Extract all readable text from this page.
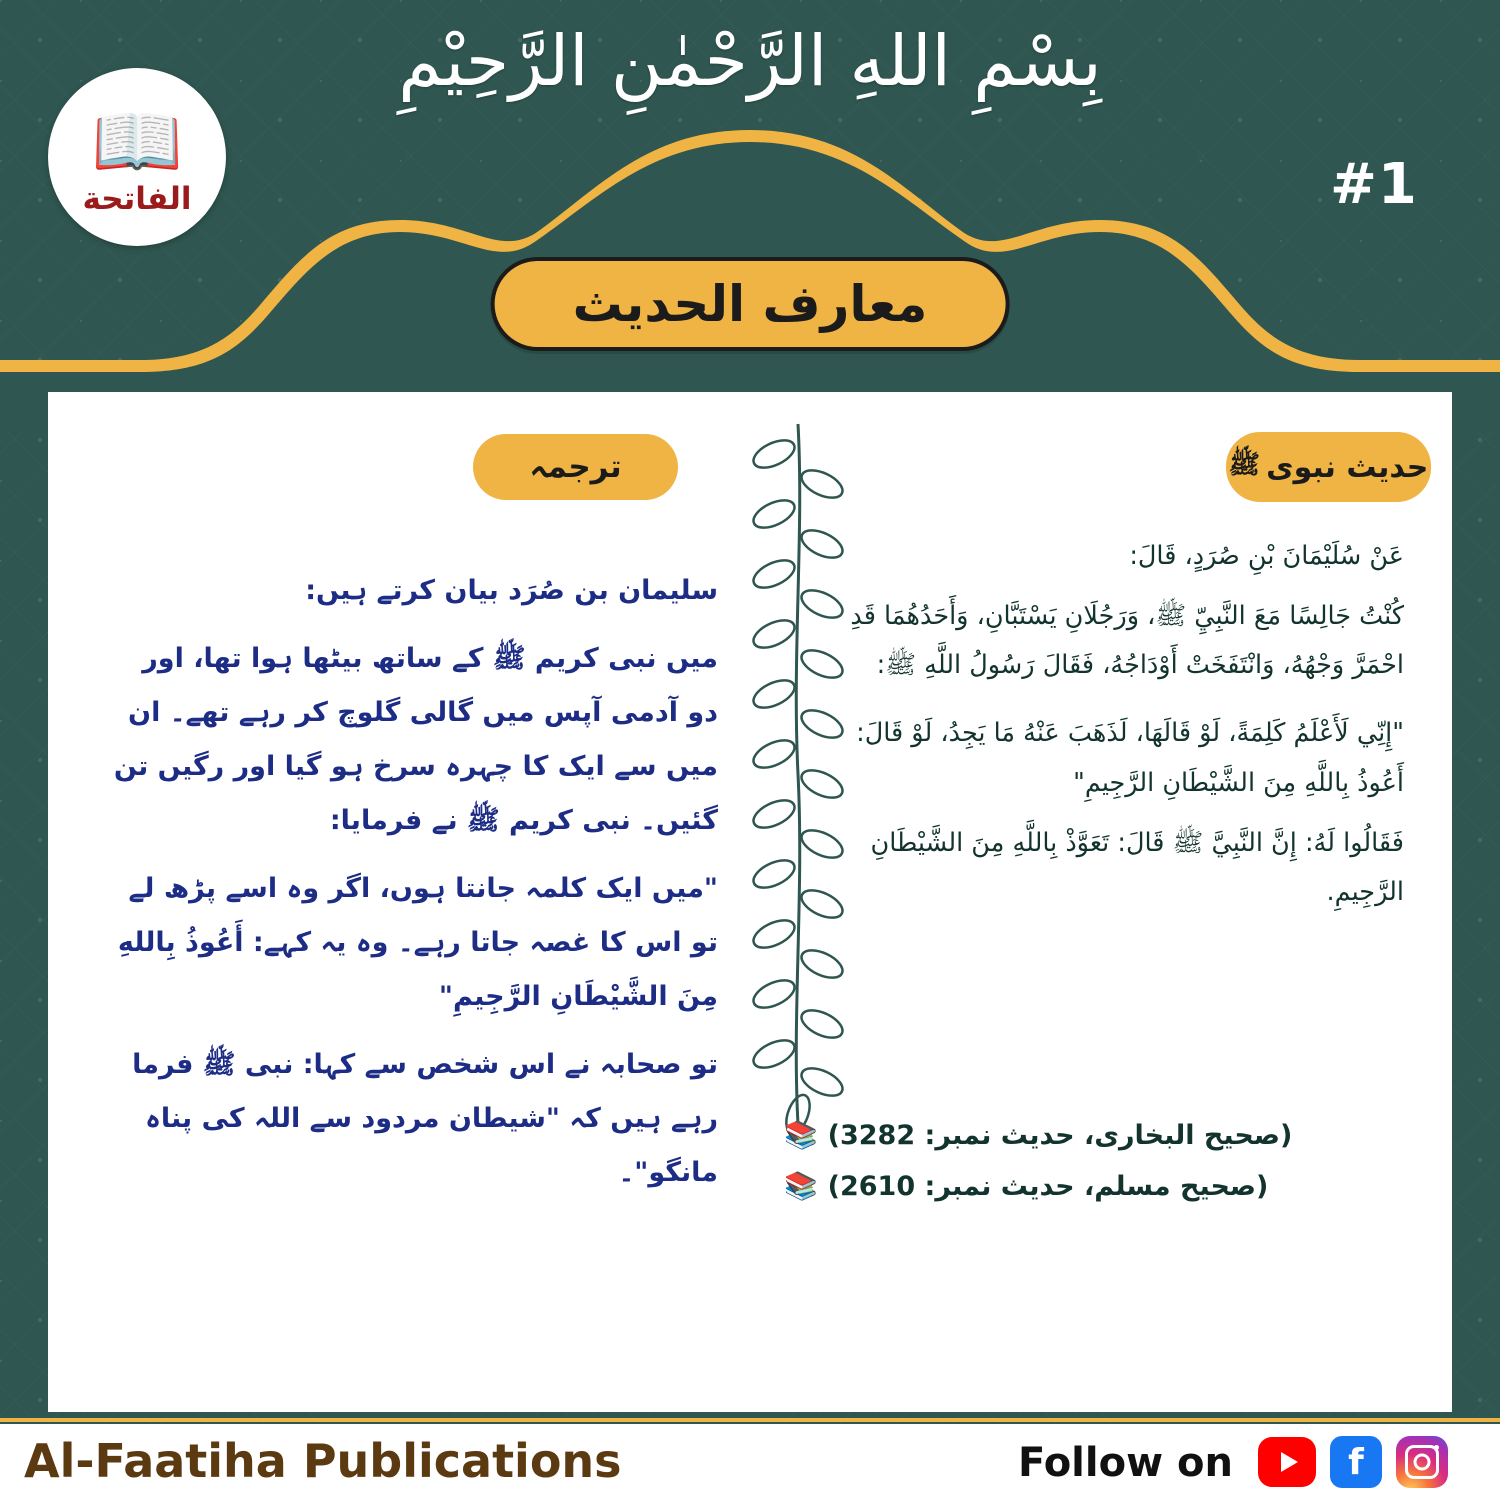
بِسْمِ اللهِ الرَّحْمٰنِ الرَّحِيْمِ
📖
الفاتحة	#1
معارف الحديث
ترجمہ	حدیث نبوی
ﷺ

عَنْ سُلَيْمَانَ بْنِ صُرَدٍ، قَالَ:

كُنْتُ جَالِسًا مَعَ النَّبِيِّ ﷺ، وَرَجُلَانِ يَسْتَبَّانِ، وَأَحَدُهُمَا قَدِ احْمَرَّ وَجْهُهُ، وَانْتَفَخَتْ أَوْدَاجُهُ، فَقَالَ رَسُولُ اللَّهِ ﷺ:

"إِنِّي لَأَعْلَمُ كَلِمَةً، لَوْ قَالَهَا، لَذَهَبَ عَنْهُ مَا يَجِدُ، لَوْ قَالَ: أَعُوذُ بِاللَّهِ مِنَ الشَّيْطَانِ الرَّجِيمِ"

فَقَالُوا لَهُ: إِنَّ النَّبِيَّ ﷺ قَالَ: تَعَوَّذْ بِاللَّهِ مِنَ الشَّيْطَانِ الرَّجِيمِ.

سلیمان بن صُرَد بیان کرتے ہیں:

میں نبی کریم ﷺ کے ساتھ بیٹھا ہوا تھا، اور دو آدمی آپس میں گالی گلوچ کر رہے تھے۔ ان میں سے ایک کا چہرہ سرخ ہو گیا اور رگیں تن گئیں۔ نبی کریم ﷺ نے فرمایا:

"میں ایک کلمہ جانتا ہوں، اگر وہ اسے پڑھ لے تو اس کا غصہ جاتا رہے۔ وہ یہ کہے: أَعُوذُ بِاللهِ مِنَ الشَّيْطَانِ الرَّجِيمِ"

تو صحابہ نے اس شخص سے کہا: نبی ﷺ فرما رہے ہیں کہ "شیطان مردود سے اللہ کی پناہ مانگو"۔

(صحیح البخاری، حدیث نمبر: 3282)
📚
(صحیح مسلم، حدیث نمبر: 2610)
📚
Al-Faatiha Publications	Follow on	f
